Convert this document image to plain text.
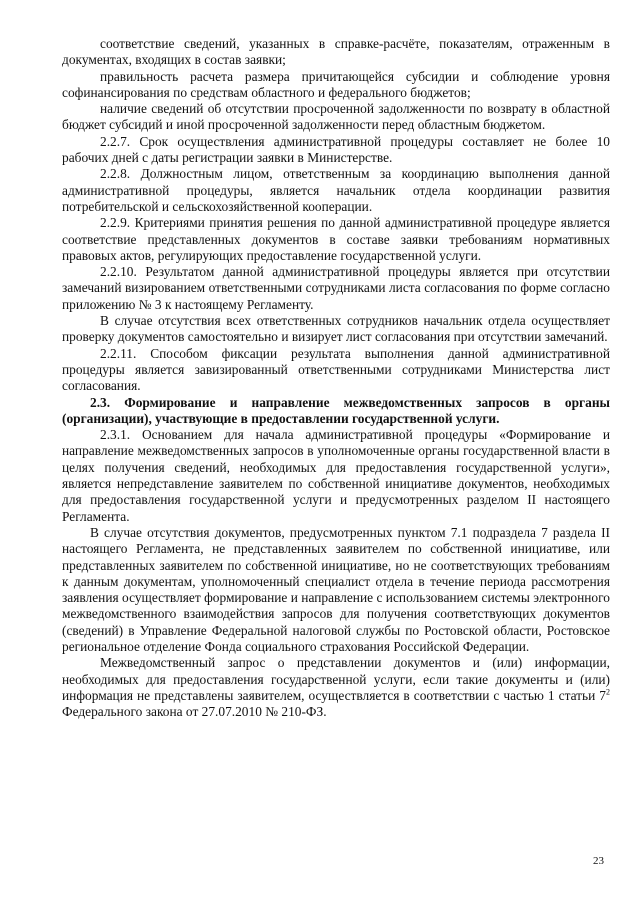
соответствие сведений, указанных в справке-расчёте, показателям, отраженным в документах, входящих в состав заявки;

правильность расчета размера причитающейся субсидии и соблюдение уровня софинансирования по средствам областного и федерального бюджетов;

наличие сведений об отсутствии просроченной задолженности по возврату в областной бюджет субсидий и иной просроченной задолженности перед областным бюджетом.

2.2.7. Срок осуществления административной процедуры составляет не более 10 рабочих дней с даты регистрации заявки в Министерстве.

2.2.8. Должностным лицом, ответственным за координацию выполнения данной административной процедуры, является начальник отдела координации развития потребительской и сельскохозяйственной кооперации.

2.2.9. Критериями принятия решения по данной административной процедуре является соответствие представленных документов в составе заявки требованиям нормативных правовых актов, регулирующих предоставление государственной услуги.

2.2.10. Результатом данной административной процедуры является при отсутствии замечаний визированием ответственными сотрудниками листа согласования по форме согласно приложению № 3 к настоящему Регламенту.

В случае отсутствия всех ответственных сотрудников начальник отдела осуществляет проверку документов самостоятельно и визирует лист согласования при отсутствии замечаний.

2.2.11. Способом фиксации результата выполнения данной административной процедуры является завизированный ответственными сотрудниками Министерства лист согласования.

2.3. Формирование и направление межведомственных запросов в органы (организации), участвующие в предоставлении государственной услуги.

2.3.1. Основанием для начала административной процедуры «Формирование и направление межведомственных запросов в уполномоченные органы государственной власти в целях получения сведений, необходимых для предоставления государственной услуги», является непредставление заявителем по собственной инициативе документов, необходимых для предоставления государственной услуги и предусмотренных разделом II настоящего Регламента.

В случае отсутствия документов, предусмотренных пунктом 7.1 подраздела 7 раздела II настоящего Регламента, не представленных заявителем по собственной инициативе, или представленных заявителем по собственной инициативе, но не соответствующих требованиям к данным документам, уполномоченный специалист отдела в течение периода рассмотрения заявления осуществляет формирование и направление с использованием системы электронного межведомственного взаимодействия запросов для получения соответствующих документов (сведений) в Управление Федеральной налоговой службы по Ростовской области, Ростовское региональное отделение Фонда социального страхования Российской Федерации.

Межведомственный запрос о представлении документов и (или) информации, необходимых для предоставления государственной услуги, если такие документы и (или) информация не представлены заявителем, осуществляется в соответствии с частью 1 статьи $7^2$ Федерального закона от 27.07.2010 № 210-ФЗ.

23
